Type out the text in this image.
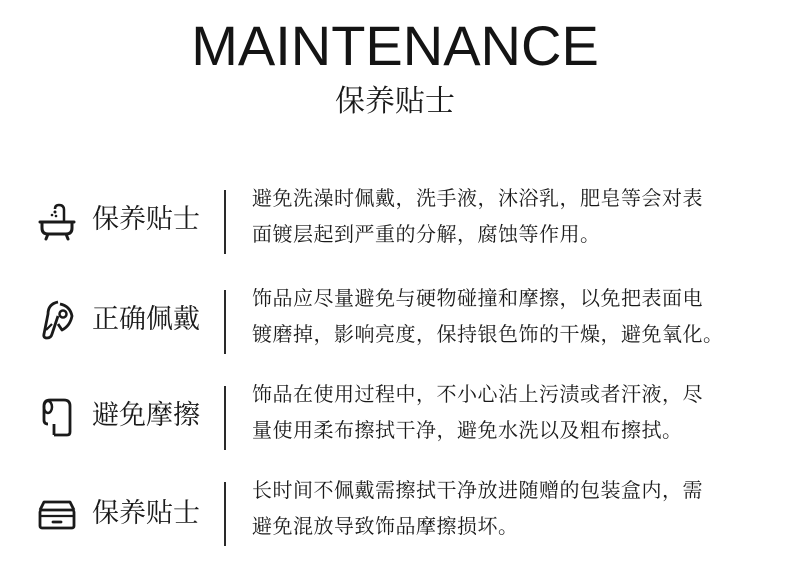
MAINTENANCE
保养贴士
保养贴士
避免洗澡时佩戴，洗手液，沐浴乳，肥皂等会对表
面镀层起到严重的分解，腐蚀等作用。
正确佩戴
饰品应尽量避免与硬物碰撞和摩擦，以免把表面电
镀磨掉，影响亮度，保持银色饰的干燥，避免氧化。
避免摩擦
饰品在使用过程中，不小心沾上污渍或者汗液，尽
量使用柔布擦拭干净，避免水洗以及粗布擦拭。
保养贴士
长时间不佩戴需擦拭干净放进随赠的包装盒内，需
避免混放导致饰品摩擦损坏。
